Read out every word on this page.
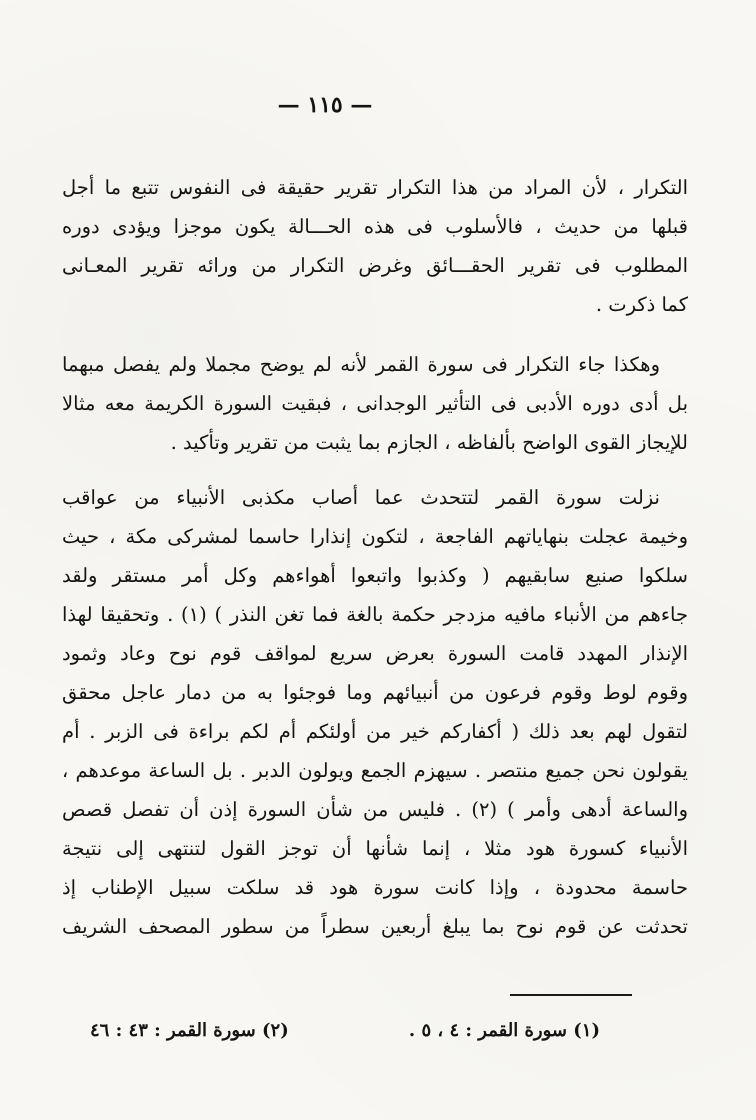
— ١١٥ —
التكرار ، لأن المراد من هذا التكرار تقرير حقيقة فى النفوس تتبع ما أجل
قبلها من حديث ، فالأسلوب فى هذه الحـــالة يكون موجزا ويؤدى دوره
المطلوب فى تقرير الحقـــائق وغرض التكرار من ورائه تقرير المعـانى
كما ذكرت .
وهكذا جاء التكرار فى سورة القمر لأنه لم يوضح مجملا ولم يفصل مبهما
بل أدى دوره الأدبى فى التأثير الوجدانى ، فبقيت السورة الكريمة معه مثالا
للإيجاز القوى الواضح بألفاظه ، الجازم بما يثبت من تقرير وتأكيد .
نزلت سورة القمر لتتحدث عما أصاب مكذبى الأنبياء من عواقب
وخيمة عجلت بنهاياتهم الفاجعة ، لتكون إنذارا حاسما لمشركى مكة ، حيث
سلكوا صنيع سابقيهم ( وكذبوا واتبعوا أهواءهم وكل أمر مستقر ولقد
جاءهم من الأنباء مافيه مزدجر حكمة بالغة فما تغن النذر ) (١) . وتحقيقا لهذا
الإنذار المهدد قامت السورة بعرض سريع لمواقف قوم نوح وعاد وثمود
وقوم لوط وقوم فرعون من أنبيائهم وما فوجئوا به من دمار عاجل محقق
لتقول لهم بعد ذلك ( أكفاركم خير من أولئكم أم لكم براءة فى الزبر . أم
يقولون نحن جميع منتصر . سيهزم الجمع ويولون الدبر . بل الساعة موعدهم ،
والساعة أدهى وأمر ) (٢) . فليس من شأن السورة إذن أن تفصل قصص
الأنبياء كسورة هود مثلا ، إنما شأنها أن توجز القول لتنتهى إلى نتيجة
حاسمة محدودة ، وإذا كانت سورة هود قد سلكت سبيل الإطناب إذ
تحدثت عن قوم نوح بما يبلغ أربعين سطراً من سطور المصحف الشريف
(١) سورة القمر : ٤ ، ٥ .
(٢) سورة القمر : ٤٣ : ٤٦
